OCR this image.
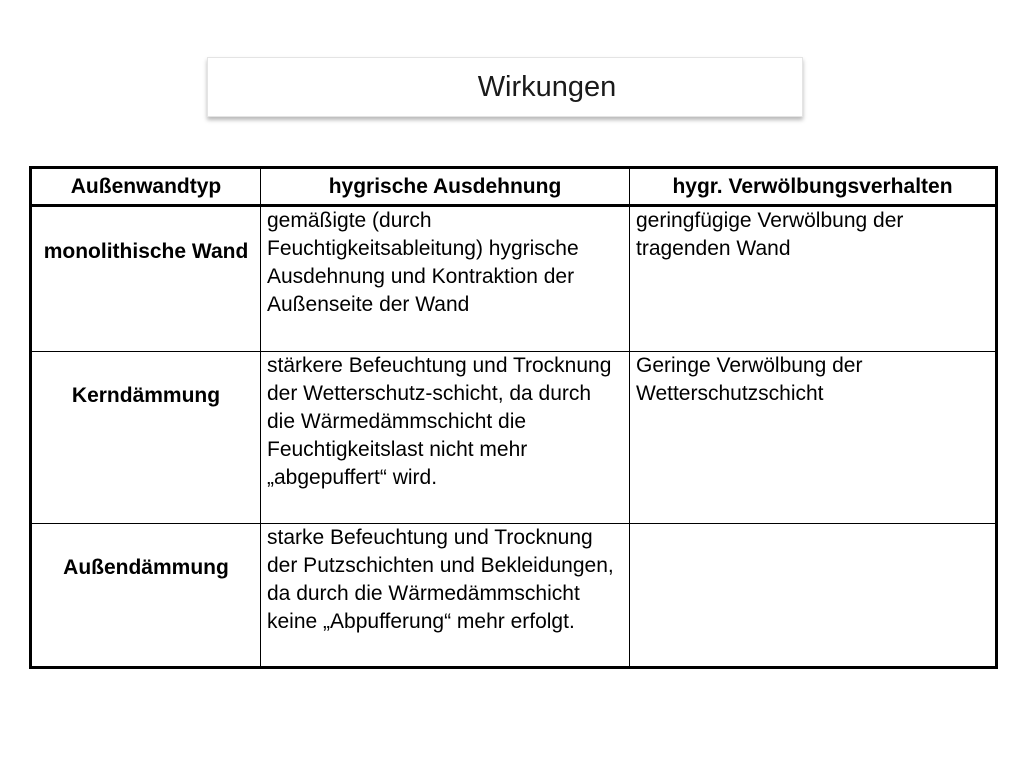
Wirkungen
Außenwandtyp	hygrische Ausdehnung	hygr. Verwölbungsverhalten

monolithische Wand	gemäßigte (durch Feuchtigkeitsableitung) hygrische Ausdehnung und Kontraktion der Außenseite der Wand	geringfügige Verwölbung der tragenden Wand

Kerndämmung	stärkere Befeuchtung und Trocknung der Wetterschutz-schicht, da durch die Wärmedämmschicht die Feuchtigkeitslast nicht mehr „abgepuffert“ wird.	Geringe Verwölbung der Wetterschutzschicht

Außendämmung	starke Befeuchtung und Trocknung der Putzschichten und Bekleidungen, da durch die Wärmedämmschicht keine „Abpufferung“ mehr erfolgt.	
